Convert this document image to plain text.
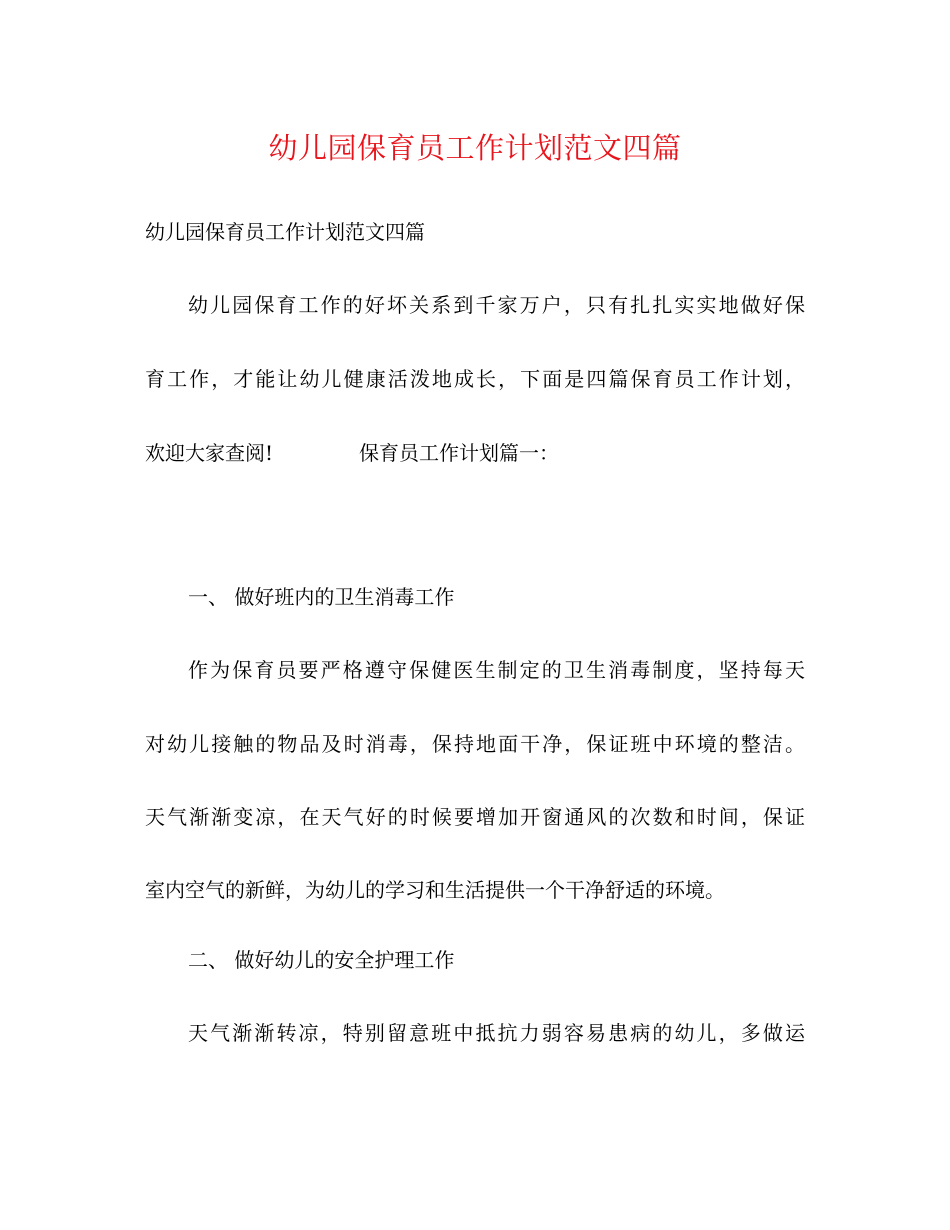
幼儿园保育员工作计划范文四篇
幼儿园保育员工作计划范文四篇
幼儿园保育工作的好坏关系到千家万户，只有扎扎实实地做好保
育工作，才能让幼儿健康活泼地成长，下面是四篇保育员工作计划，
欢迎大家查阅!	保育员工作计划篇一：
一、 做好班内的卫生消毒工作
作为保育员要严格遵守保健医生制定的卫生消毒制度，坚持每天
对幼儿接触的物品及时消毒，保持地面干净，保证班中环境的整洁。
天气渐渐变凉，在天气好的时候要增加开窗通风的次数和时间，保证
室内空气的新鲜，为幼儿的学习和生活提供一个干净舒适的环境。
二、 做好幼儿的安全护理工作
天气渐渐转凉，特别留意班中抵抗力弱容易患病的幼儿，多做运
